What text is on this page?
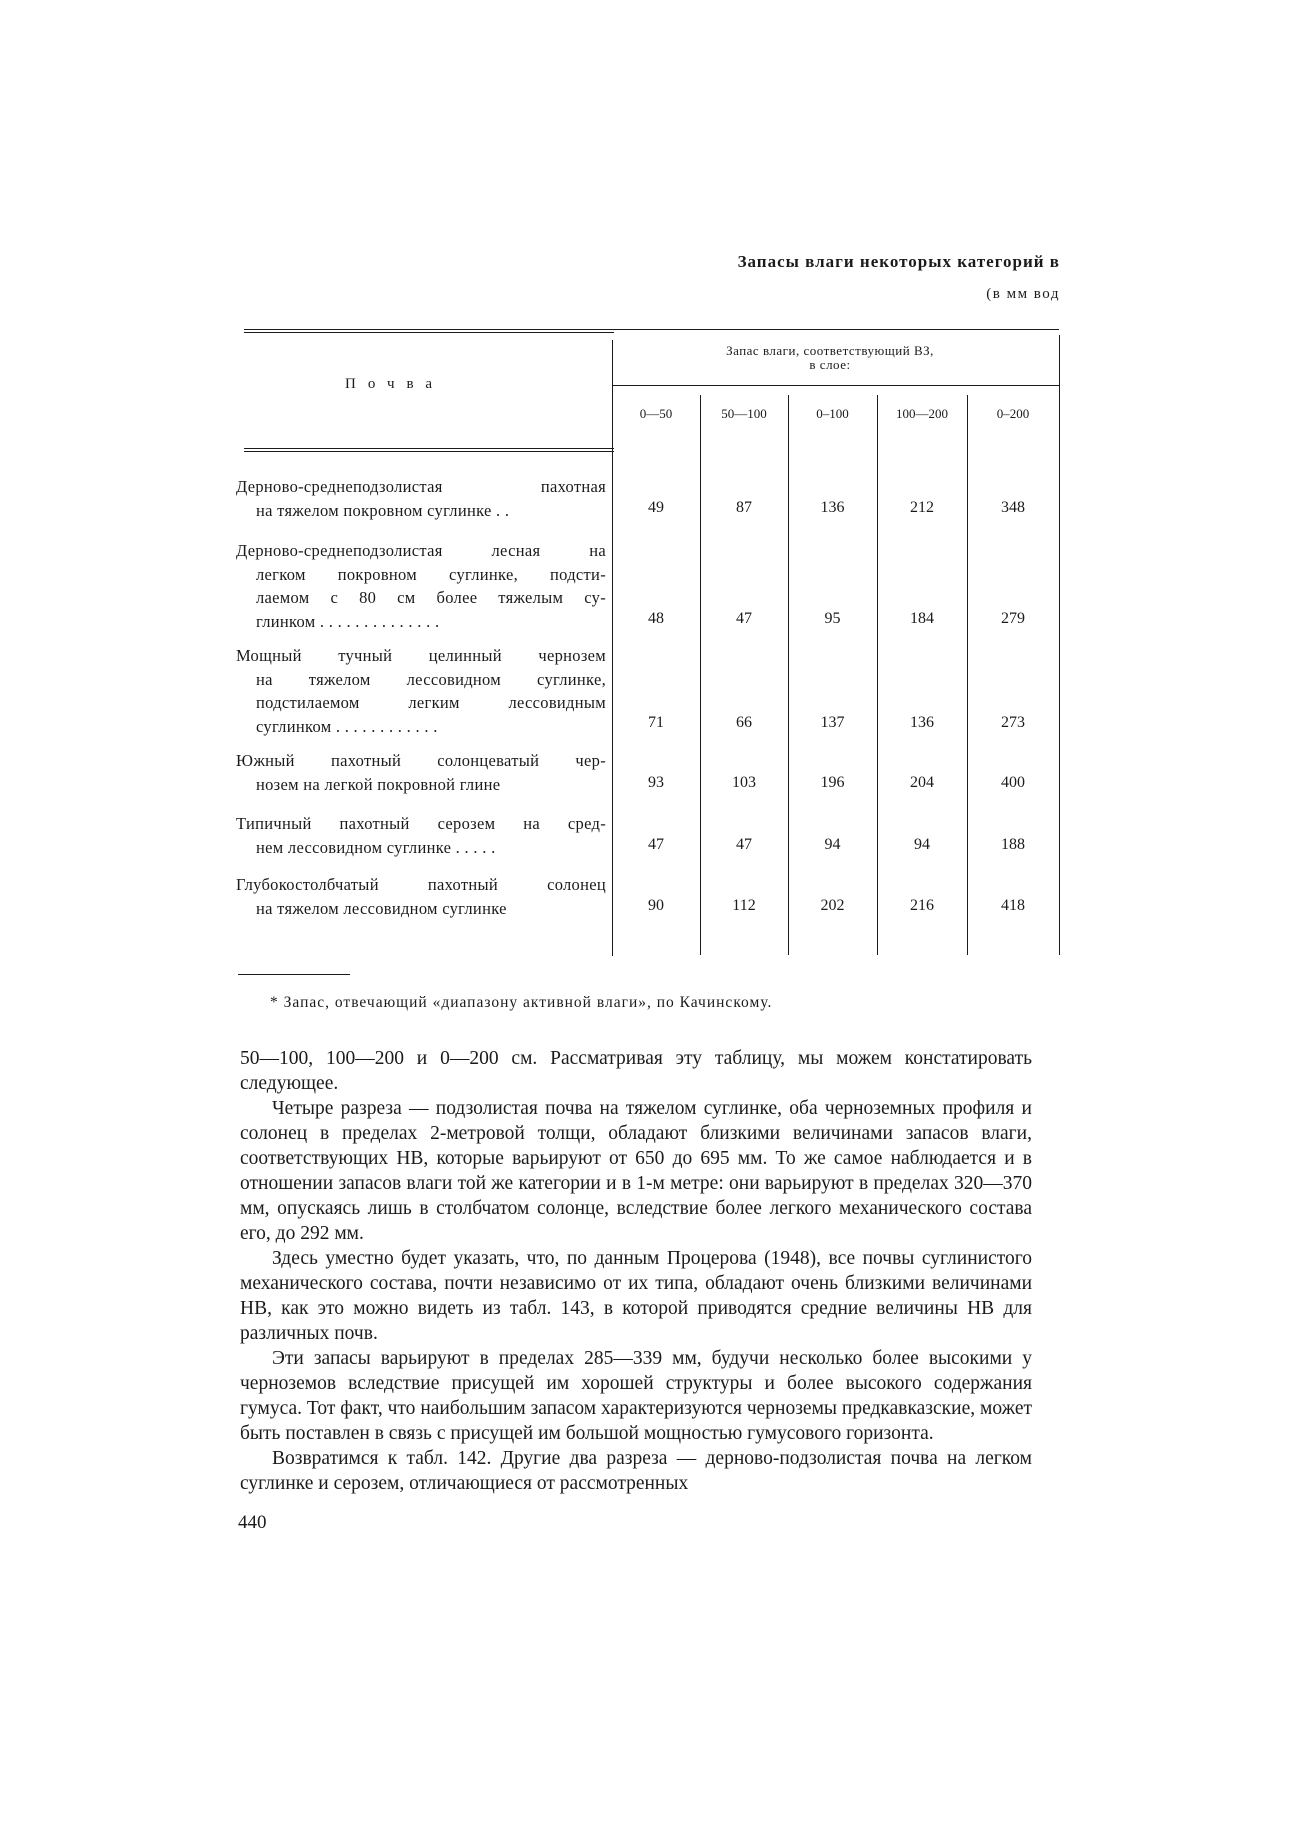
Запасы влаги некоторых категорий в
(в мм вод
Почва
Запас влаги, соответствующий ВЗ,
в слое:
0—50	50—100	0–100	100—200	0–200
Дерново-среднеподзолистая пахотная
на тяжелом покровном суглинке . .	49	87	136	212	348
Дерново-среднеподзолистая лесная на
легком покровном суглинке, подсти-
лаемом с 80 см более тяжелым су-
глинком . . . . . . . . . . . . . .	48	47	95	184	279
Мощный тучный целинный чернозем
на тяжелом лессовидном суглинке,
подстилаемом легким лессовидным
суглинком . . . . . . . . . . . .	71	66	137	136	273
Южный пахотный солонцеватый чер-
нозем на легкой покровной глине	93	103	196	204	400
Типичный пахотный серозем на сред-
нем лессовидном суглинке . . . . .	47	47	94	94	188
Глубокостолбчатый пахотный солонец
на тяжелом лессовидном суглинке	90	112	202	216	418
* Запас, отвечающий «диапазону активной влаги», по Качинскому.

50—100, 100—200 и 0—200 см. Рассматривая эту таблицу, мы можем констатировать следующее.

Четыре разреза — подзолистая почва на тяжелом суглинке, оба черноземных профиля и солонец в пределах 2-метровой толщи, обладают близкими величинами запасов влаги, соответствующих НВ, которые варьируют от 650 до 695 мм. То же самое наблюдается и в отношении запасов влаги той же категории и в 1-м метре: они варьируют в пределах 320—370 мм, опускаясь лишь в столбчатом солонце, вследствие более легкого механического состава его, до 292 мм.

Здесь уместно будет указать, что, по данным Процерова (1948), все почвы суглинистого механического состава, почти независимо от их типа, обладают очень близкими величинами НВ, как это можно видеть из табл. 143, в которой приводятся средние величины НВ для различных почв.

Эти запасы варьируют в пределах 285—339 мм, будучи несколько более высокими у черноземов вследствие присущей им хорошей структуры и более высокого содержания гумуса. Тот факт, что наибольшим запасом характеризуются черноземы предкавказские, может быть поставлен в связь с присущей им большой мощностью гумусового горизонта.

Возвратимся к табл. 142. Другие два разреза — дерново-подзолистая почва на легком суглинке и серозем, отличающиеся от рассмотренных

440
